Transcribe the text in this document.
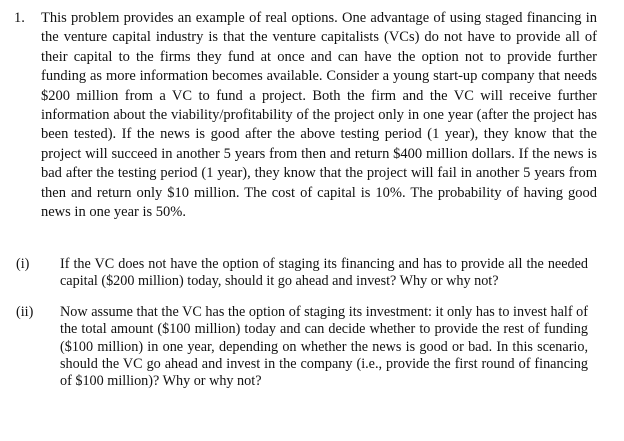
1.	This problem provides an example of real options. One advantage of using staged financing in the venture capital industry is that the venture capitalists (VCs) do not have to provide all of their capital to the firms they fund at once and can have the option not to provide further funding as more information becomes available. Consider a young start-up company that needs $200 million from a VC to fund a project. Both the firm and the VC will receive further information about the viability/profitability of the project only in one year (after the project has been tested). If the news is good after the above testing period (1 year), they know that the project will succeed in another 5 years from then and return $400 million dollars. If the news is bad after the testing period (1 year), they know that the project will fail in another 5 years from then and return only $10 million. The cost of capital is 10%. The probability of having good news in one year is 50%.
(i)	If the VC does not have the option of staging its financing and has to provide all the needed capital ($200 million) today, should it go ahead and invest? Why or why not?
(ii)	Now assume that the VC has the option of staging its investment: it only has to invest half of the total amount ($100 million) today and can decide whether to provide the rest of funding ($100 million) in one year, depending on whether the news is good or bad. In this scenario, should the VC go ahead and invest in the company (i.e., provide the first round of financing of $100 million)? Why or why not?
